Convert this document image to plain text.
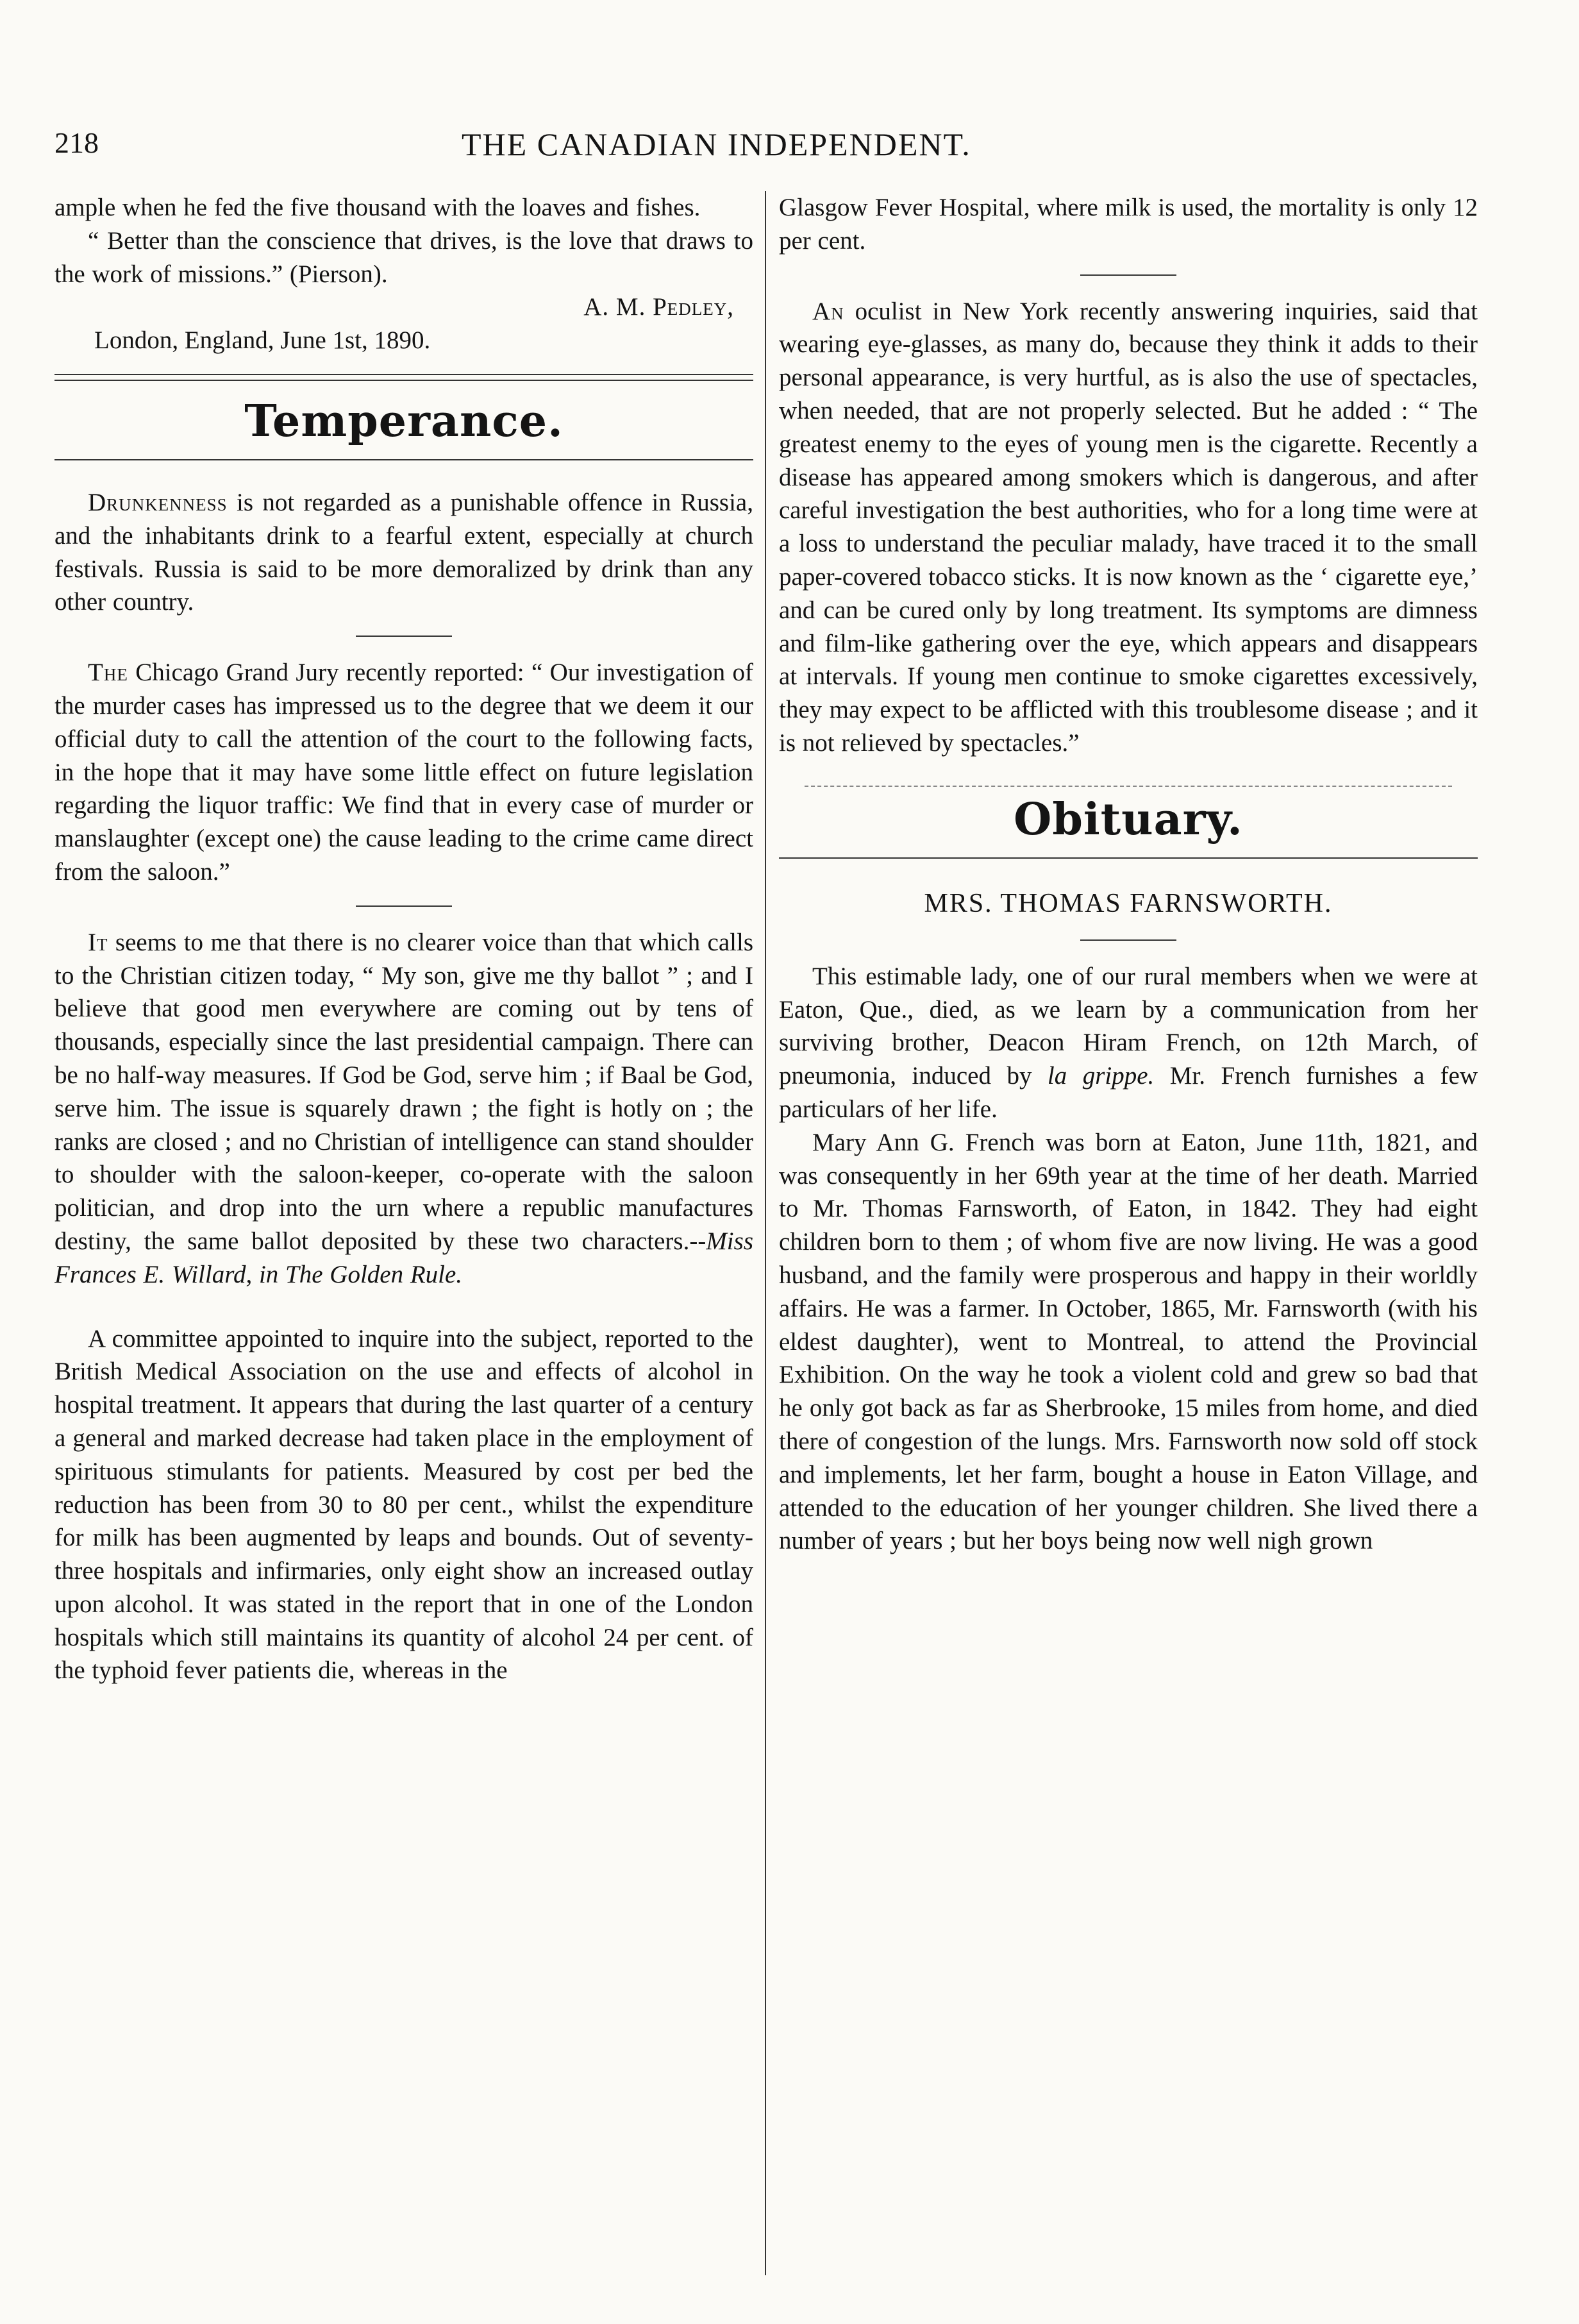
218	THE CANADIAN INDEPENDENT.

ample when he fed the five thousand with the loaves and fishes.

“ Better than the conscience that drives, is the love that draws to the work of missions.” (Pierson).

A. M. Pedley,
London, England, June 1st, 1890.
Temperance.

Drunkenness is not regarded as a punishable offence in Russia, and the inhabitants drink to a fearful extent, especially at church festivals. Russia is said to be more demoralized by drink than any other country.

The Chicago Grand Jury recently reported: “ Our investigation of the murder cases has impressed us to the degree that we deem it our official duty to call the attention of the court to the following facts, in the hope that it may have some little effect on future legislation regarding the liquor traffic: We find that in every case of murder or manslaughter (except one) the cause leading to the crime came direct from the saloon.”

It seems to me that there is no clearer voice than that which calls to the Christian citizen today, “ My son, give me thy ballot ” ; and I believe that good men everywhere are coming out by tens of thousands, especially since the last presidential campaign. There can be no half-way measures. If God be God, serve him ; if Baal be God, serve him. The issue is squarely drawn ; the fight is hotly on ; the ranks are closed ; and no Christian of intelligence can stand shoulder to shoulder with the saloon-keeper, co-operate with the saloon politician, and drop into the urn where a republic manufactures destiny, the same ballot deposited by these two characters.--Miss Frances E. Willard, in The Golden Rule.

A committee appointed to inquire into the subject, reported to the British Medical Association on the use and effects of alcohol in hospital treatment. It appears that during the last quarter of a century a general and marked decrease had taken place in the employment of spirituous stimulants for patients. Measured by cost per bed the reduction has been from 30 to 80 per cent., whilst the expenditure for milk has been augmented by leaps and bounds. Out of seventy-three hospitals and infirmaries, only eight show an increased outlay upon alcohol. It was stated in the report that in one of the London hospitals which still maintains its quantity of alcohol 24 per cent. of the typhoid fever patients die, whereas in the

Glasgow Fever Hospital, where milk is used, the mortality is only 12 per cent.

An oculist in New York recently answering inquiries, said that wearing eye-glasses, as many do, because they think it adds to their personal appearance, is very hurtful, as is also the use of spectacles, when needed, that are not properly selected. But he added : “ The greatest enemy to the eyes of young men is the cigarette. Recently a disease has appeared among smokers which is dangerous, and after careful investigation the best authorities, who for a long time were at a loss to understand the peculiar malady, have traced it to the small paper-covered tobacco sticks. It is now known as the ‘ cigarette eye,’ and can be cured only by long treatment. Its symptoms are dimness and film-like gathering over the eye, which appears and disappears at intervals. If young men continue to smoke cigarettes excessively, they may expect to be afflicted with this troublesome disease ; and it is not relieved by spectacles.”

Obituary.
MRS. THOMAS FARNSWORTH.

This estimable lady, one of our rural members when we were at Eaton, Que., died, as we learn by a communication from her surviving brother, Deacon Hiram French, on 12th March, of pneumonia, induced by la grippe. Mr. French furnishes a few particulars of her life.

Mary Ann G. French was born at Eaton, June 11th, 1821, and was consequently in her 69th year at the time of her death. Married to Mr. Thomas Farnsworth, of Eaton, in 1842. They had eight children born to them ; of whom five are now living. He was a good husband, and the family were prosperous and happy in their worldly affairs. He was a farmer. In October, 1865, Mr. Farnsworth (with his eldest daughter), went to Montreal, to attend the Provincial Exhibition. On the way he took a violent cold and grew so bad that he only got back as far as Sherbrooke, 15 miles from home, and died there of congestion of the lungs. Mrs. Farnsworth now sold off stock and implements, let her farm, bought a house in Eaton Village, and attended to the education of her younger children. She lived there a number of years ; but her boys being now well nigh grown
